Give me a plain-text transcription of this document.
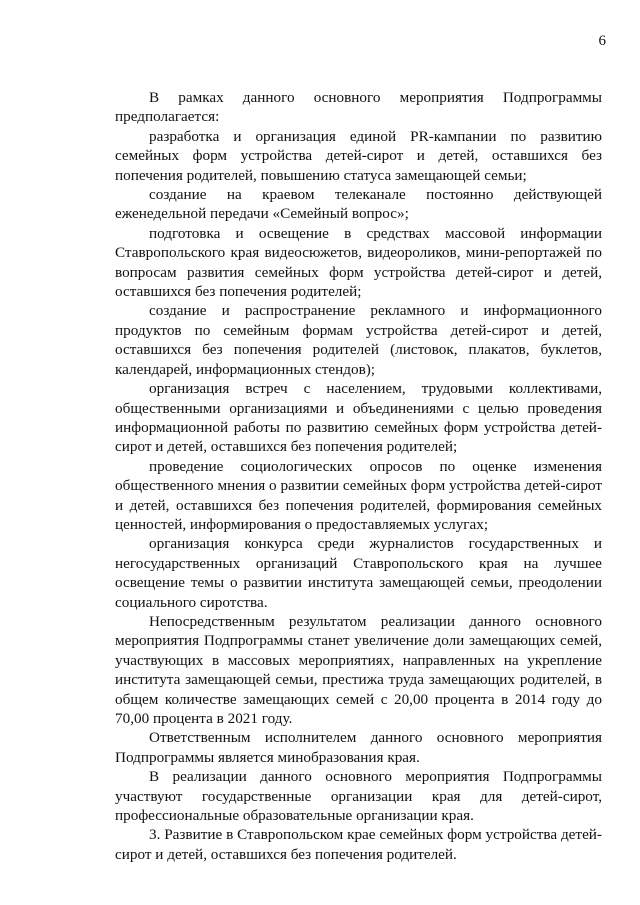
6

В рамках данного основного мероприятия Подпрограммы предполагается:

разработка и организация единой PR-кампании по развитию семейных форм устройства детей-сирот и детей, оставшихся без попечения родителей, повышению статуса замещающей семьи;

создание на краевом телеканале постоянно действующей еженедельной передачи «Семейный вопрос»;

подготовка и освещение в средствах массовой информации Ставропольского края видеосюжетов, видеороликов, мини-репортажей по вопросам развития семейных форм устройства детей-сирот и детей, оставшихся без попечения родителей;

создание и распространение рекламного и информационного продуктов по семейным формам устройства детей-сирот и детей, оставшихся без попечения родителей (листовок, плакатов, буклетов, календарей, информационных стендов);

организация встреч с населением, трудовыми коллективами, общественными организациями и объединениями с целью проведения информационной работы по развитию семейных форм устройства детей-сирот и детей, оставшихся без попечения родителей;

проведение социологических опросов по оценке изменения общественного мнения о развитии семейных форм устройства детей-сирот и детей, оставшихся без попечения родителей, формирования семейных ценностей, информирования о предоставляемых услугах;

организация конкурса среди журналистов государственных и негосударственных организаций Ставропольского края на лучшее освещение темы о развитии института замещающей семьи, преодолении социального сиротства.

Непосредственным результатом реализации данного основного мероприятия Подпрограммы станет увеличение доли замещающих семей, участвующих в массовых мероприятиях, направленных на укрепление института замещающей семьи, престижа труда замещающих родителей, в общем количестве замещающих семей с 20,00 процента в 2014 году до 70,00 процента в 2021 году.

Ответственным исполнителем данного основного мероприятия Подпрограммы является минобразования края.

В реализации данного основного мероприятия Подпрограммы участвуют государственные организации края для детей-сирот, профессиональные образовательные организации края.

3. Развитие в Ставропольском крае семейных форм устройства детей-сирот и детей, оставшихся без попечения родителей.
